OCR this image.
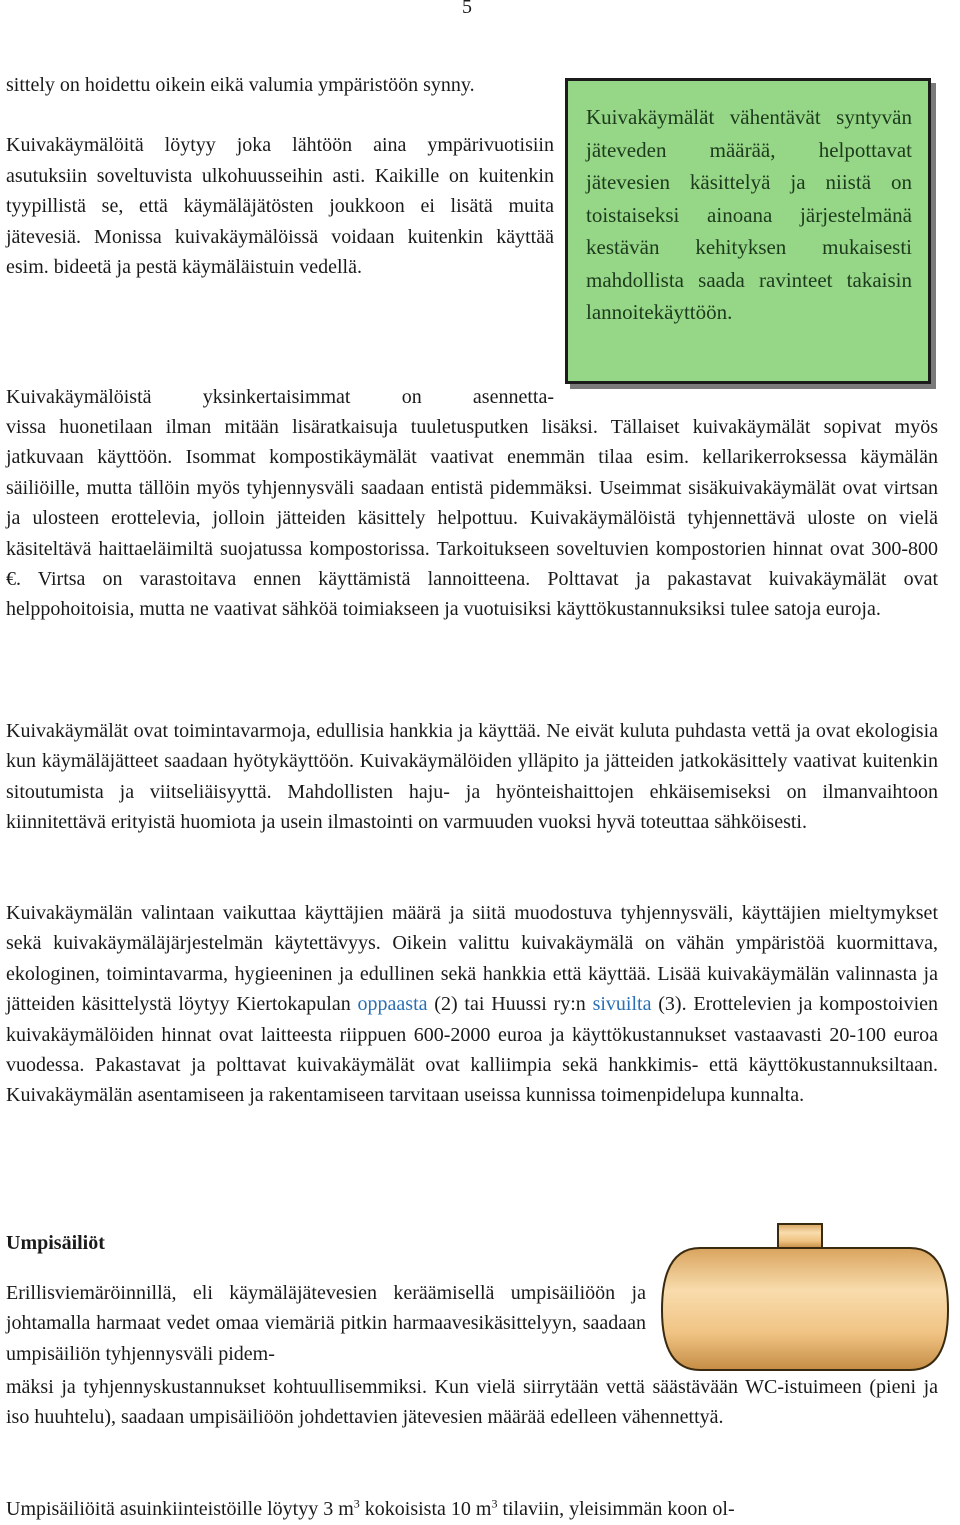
5

sittely on hoidettu oikein eikä valumia ympäristöön synny.

Kuivakäymälöitä löytyy joka lähtöön aina ympärivuotisiin asutuksiin soveltuvista ulkohuusseihin asti. Kaikille on kuitenkin tyypillistä se, että käymäläjätösten joukkoon ei lisätä muita jätevesiä. Monissa kuivakäymälöissä voidaan kuitenkin käyttää esim. bideetä ja pestä käymäläistuin vedellä.

Kuivakäymälät vähentävät syntyvän jäteveden määrää, helpottavat jätevesien käsittelyä ja niistä on toistaiseksi ainoana järjestelmänä kestävän kehityksen mukaisesti mahdollista saada ravinteet takaisin lannoitekäyttöön.
Kuivakäymälöistä yksinkertaisimmat on asennetta-

vissa huonetilaan ilman mitään lisäratkaisuja tuuletusputken lisäksi. Tällaiset kuivakäymälät sopivat myös jatkuvaan käyttöön. Isommat kompostikäymälät vaativat enemmän tilaa esim. kellarikerroksessa käymälän säiliöille, mutta tällöin myös tyhjennysväli saadaan entistä pidemmäksi. Useimmat sisäkuivakäymälät ovat virtsan ja ulosteen erottelevia, jolloin jätteiden käsittely helpottuu. Kuivakäymälöistä tyhjennettävä uloste on vielä käsiteltävä haittaeläimiltä suojatussa kompostorissa. Tarkoitukseen soveltuvien kompostorien hinnat ovat 300-800 €. Virtsa on varastoitava ennen käyttämistä lannoitteena. Polttavat ja pakastavat kuivakäymälät ovat helppohoitoisia, mutta ne vaativat sähköä toimiakseen ja vuotuisiksi käyttökustannuksiksi tulee satoja euroja.

Kuivakäymälät ovat toimintavarmoja, edullisia hankkia ja käyttää. Ne eivät kuluta puhdasta vettä ja ovat ekologisia kun käymäläjätteet saadaan hyötykäyttöön. Kuivakäymälöiden ylläpito ja jätteiden jatkokäsittely vaativat kuitenkin sitoutumista ja viitseliäisyyttä. Mahdollisten haju- ja hyönteishaittojen ehkäisemiseksi on ilmanvaihtoon kiinnitettävä erityistä huomiota ja usein ilmastointi on varmuuden vuoksi hyvä toteuttaa sähköisesti.

Kuivakäymälän valintaan vaikuttaa käyttäjien määrä ja siitä muodostuva tyhjennysväli, käyttäjien mieltymykset sekä kuivakäymäläjärjestelmän käytettävyys. Oikein valittu kuivakäymälä on vähän ympäristöä kuormittava, ekologinen, toimintavarma, hygieeninen ja edullinen sekä hankkia että käyttää. Lisää kuivakäymälän valinnasta ja jätteiden käsittelystä löytyy Kiertokapulan oppaasta (2) tai Huussi ry:n sivuilta (3). Erottelevien ja kompostoivien kuivakäymälöiden hinnat ovat laitteesta riippuen 600-2000 euroa ja käyttökustannukset vastaavasti 20-100 euroa vuodessa. Pakastavat ja polttavat kuivakäymälät ovat kalliimpia sekä hankkimis- että käyttökustannuksiltaan. Kuivakäymälän asentamiseen ja rakentamiseen tarvitaan useissa kunnissa toimenpidelupa kunnalta.

Umpisäiliöt

Erillisviemäröinnillä, eli käymäläjätevesien keräämisellä umpisäiliöön ja johtamalla harmaat vedet omaa viemäriä pitkin harmaavesikäsittelyyn, saadaan umpisäiliön tyhjennysväli pidem-

mäksi ja tyhjennyskustannukset kohtuullisemmiksi. Kun vielä siirrytään vettä säästävään WC-istuimeen (pieni ja iso huuhtelu), saadaan umpisäiliöön johdettavien jätevesien määrää edelleen vähennettyä.

Umpisäiliöitä asuinkiinteistöille löytyy 3 $m^3$ kokoisista 10 $m^3$ tilaviin, yleisimmän koon ol-
